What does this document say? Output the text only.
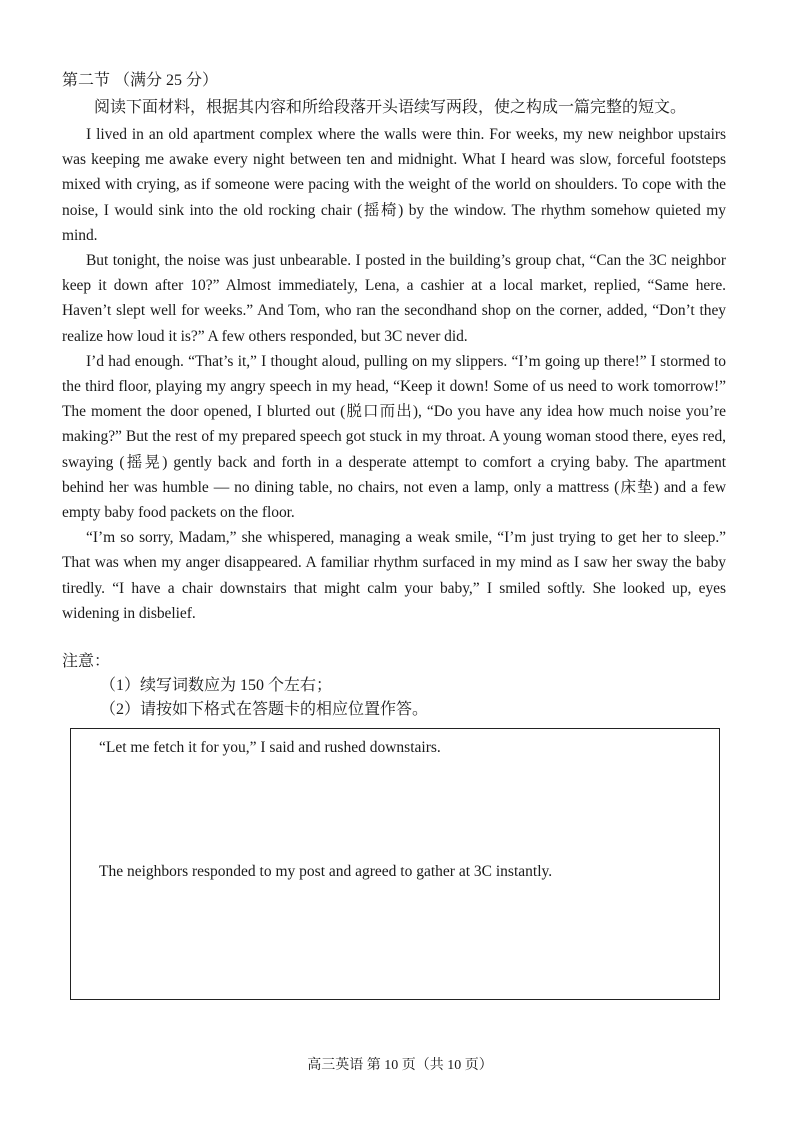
第二节 （满分 25 分）

阅读下面材料，根据其内容和所给段落开头语续写两段，使之构成一篇完整的短文。

I lived in an old apartment complex where the walls were thin. For weeks, my new neighbor upstairs was keeping me awake every night between ten and midnight. What I heard was slow, forceful footsteps mixed with crying, as if someone were pacing with the weight of the world on shoulders. To cope with the noise, I would sink into the old rocking chair (摇椅) by the window. The rhythm somehow quieted my mind.

But tonight, the noise was just unbearable. I posted in the building’s group chat, “Can the 3C neighbor keep it down after 10?” Almost immediately, Lena, a cashier at a local market, replied, “Same here. Haven’t slept well for weeks.” And Tom, who ran the secondhand shop on the corner, added, “Don’t they realize how loud it is?” A few others responded, but 3C never did.

I’d had enough. “That’s it,” I thought aloud, pulling on my slippers. “I’m going up there!” I stormed to the third floor, playing my angry speech in my head, “Keep it down! Some of us need to work tomorrow!” The moment the door opened, I blurted out (脱口而出), “Do you have any idea how much noise you’re making?” But the rest of my prepared speech got stuck in my throat. A young woman stood there, eyes red, swaying (摇晃) gently back and forth in a desperate attempt to comfort a crying baby. The apartment behind her was humble — no dining table, no chairs, not even a lamp, only a mattress (床垫) and a few empty baby food packets on the floor.

“I’m so sorry, Madam,” she whispered, managing a weak smile, “I’m just trying to get her to sleep.” That was when my anger disappeared. A familiar rhythm surfaced in my mind as I saw her sway the baby tiredly. “I have a chair downstairs that might calm your baby,” I smiled softly. She looked up, eyes widening in disbelief.

注意：

（1）续写词数应为 150 个左右；

（2）请按如下格式在答题卡的相应位置作答。

“Let me fetch it for you,” I said and rushed downstairs.

The neighbors responded to my post and agreed to gather at 3C instantly.

高三英语 第 10 页（共 10 页）
